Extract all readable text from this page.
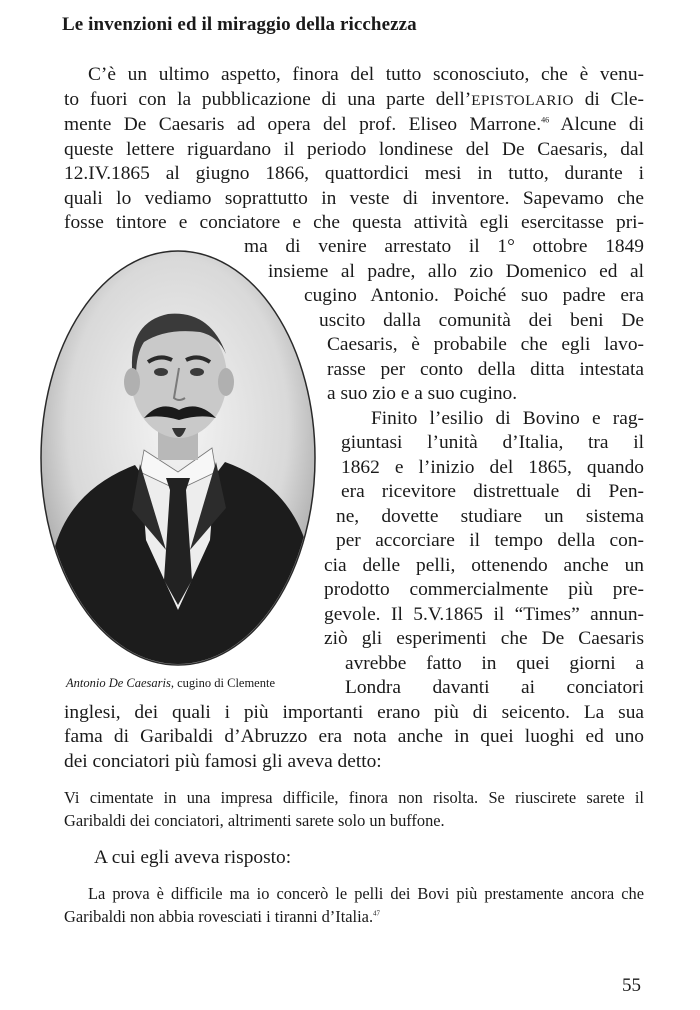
Le invenzioni ed il miraggio della ricchezza
C’è un ultimo aspetto, finora del tutto sconosciuto, che è venu-
to fuori con la pubblicazione di una parte dell’EPISTOLARIO di Cle-
mente De Caesaris ad opera del prof. Eliseo Marrone.$^{46}$ Alcune di
queste lettere riguardano il periodo londinese del De Caesaris, dal
12.IV.1865 al giugno 1866, quattordici mesi in tutto, durante i
quali lo vediamo soprattutto in veste di inventore. Sapevamo che
fosse tintore e conciatore e che questa attività egli esercitasse pri-
ma di venire arrestato il 1° ottobre 1849
insieme al padre, allo zio Domenico ed al
cugino Antonio. Poiché suo padre era
uscito dalla comunità dei beni De
Caesaris, è probabile che egli lavo-
rasse per conto della ditta intestata
a suo zio e a suo cugino.
Finito l’esilio di Bovino e rag-
giuntasi l’unità d’Italia, tra il
1862 e l’inizio del 1865, quando
era ricevitore distrettuale di Pen-
ne, dovette studiare un sistema
per accorciare il tempo della con-
cia delle pelli, ottenendo anche un
prodotto commercialmente più pre-
gevole. Il 5.V.1865 il “Times” annun-
ziò gli esperimenti che De Caesaris
avrebbe fatto in quei giorni a
Londra davanti ai conciatori
inglesi, dei quali i più importanti erano più di seicento. La sua
fama di Garibaldi d’Abruzzo era nota anche in quei luoghi ed uno
dei conciatori più famosi gli aveva detto:

Antonio De Caesaris, cugino di Clemente

Vi cimentate in una impresa difficile, finora non risolta. Se riuscirete sarete il
Garibaldi dei conciatori, altrimenti sarete solo un buffone.
A cui egli aveva risposto:
La prova è difficile ma io concerò le pelli dei Bovi più prestamente ancora che
Garibaldi non abbia rovesciati i tiranni d’Italia.$^{47}$
55
